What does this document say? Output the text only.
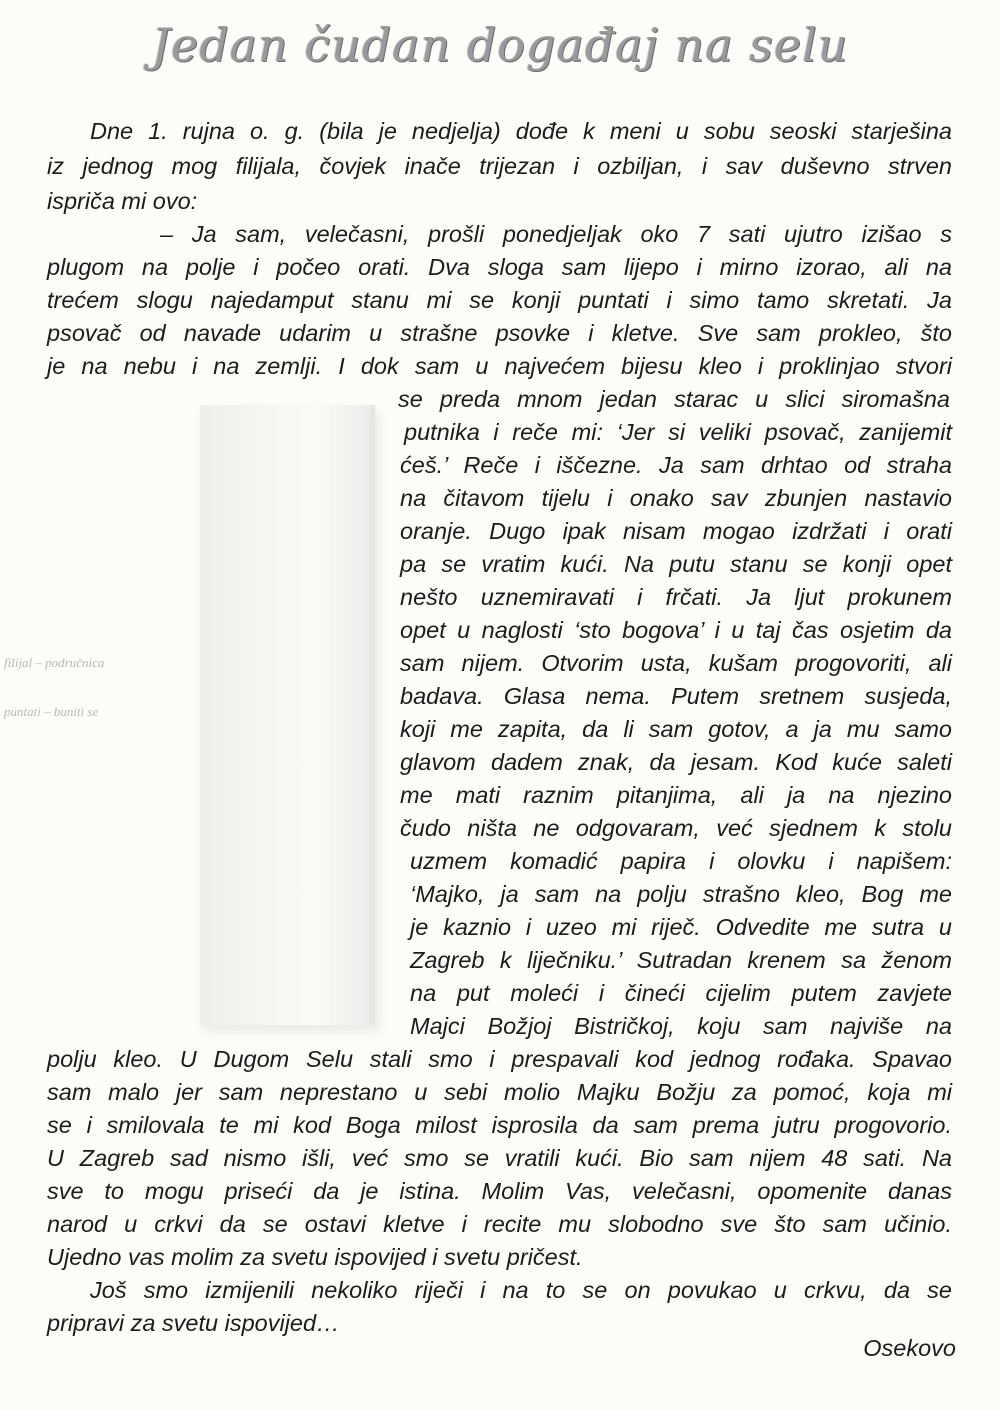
Jedan čudan događaj na selu
filijal – područnica
puntati – buniti se
Dne 1. rujna o. g. (bila je nedjelja) dođe k meni u sobu seoski starješina
iz jednog mog filijala, čovjek inače trijezan i ozbiljan, i sav duševno strven
ispriča mi ovo:
– Ja sam, velečasni, prošli ponedjeljak oko 7 sati ujutro izišao s
plugom na polje i počeo orati. Dva sloga sam lijepo i mirno izorao, ali na
trećem slogu najedamput stanu mi se konji puntati i simo tamo skretati. Ja
psovač od navade udarim u strašne psovke i kletve. Sve sam prokleo, što
je na nebu i na zemlji. I dok sam u najvećem bijesu kleo i proklinjao stvori
se preda mnom jedan starac u slici siromašna
putnika i reče mi: ‘Jer si veliki psovač, zanijemit
ćeš.’ Reče i iščezne. Ja sam drhtao od straha
na čitavom tijelu i onako sav zbunjen nastavio
oranje. Dugo ipak nisam mogao izdržati i orati
pa se vratim kući. Na putu stanu se konji opet
nešto uznemiravati i frčati. Ja ljut prokunem
opet u naglosti ‘sto bogova’ i u taj čas osjetim da
sam nijem. Otvorim usta, kušam progovoriti, ali
badava. Glasa nema. Putem sretnem susjeda,
koji me zapita, da li sam gotov, a ja mu samo
glavom dadem znak, da jesam. Kod kuće saleti
me mati raznim pitanjima, ali ja na njezino
čudo ništa ne odgovaram, već sjednem k stolu
uzmem komadić papira i olovku i napišem:
‘Majko, ja sam na polju strašno kleo, Bog me
je kaznio i uzeo mi riječ. Odvedite me sutra u
Zagreb k liječniku.’ Sutradan krenem sa ženom
na put moleći i čineći cijelim putem zavjete
Majci Božjoj Bistričkoj, koju sam najviše na
polju kleo. U Dugom Selu stali smo i prespavali kod jednog rođaka. Spavao
sam malo jer sam neprestano u sebi molio Majku Božju za pomoć, koja mi
se i smilovala te mi kod Boga milost isprosila da sam prema jutru progovorio.
U Zagreb sad nismo išli, već smo se vratili kući. Bio sam nijem 48 sati. Na
sve to mogu priseći da je istina. Molim Vas, velečasni, opomenite danas
narod u crkvi da se ostavi kletve i recite mu slobodno sve što sam učinio.
Ujedno vas molim za svetu ispovijed i svetu pričest.
Još smo izmijenili nekoliko riječi i na to se on povukao u crkvu, da se
pripravi za svetu ispovijed…
Osekovo
